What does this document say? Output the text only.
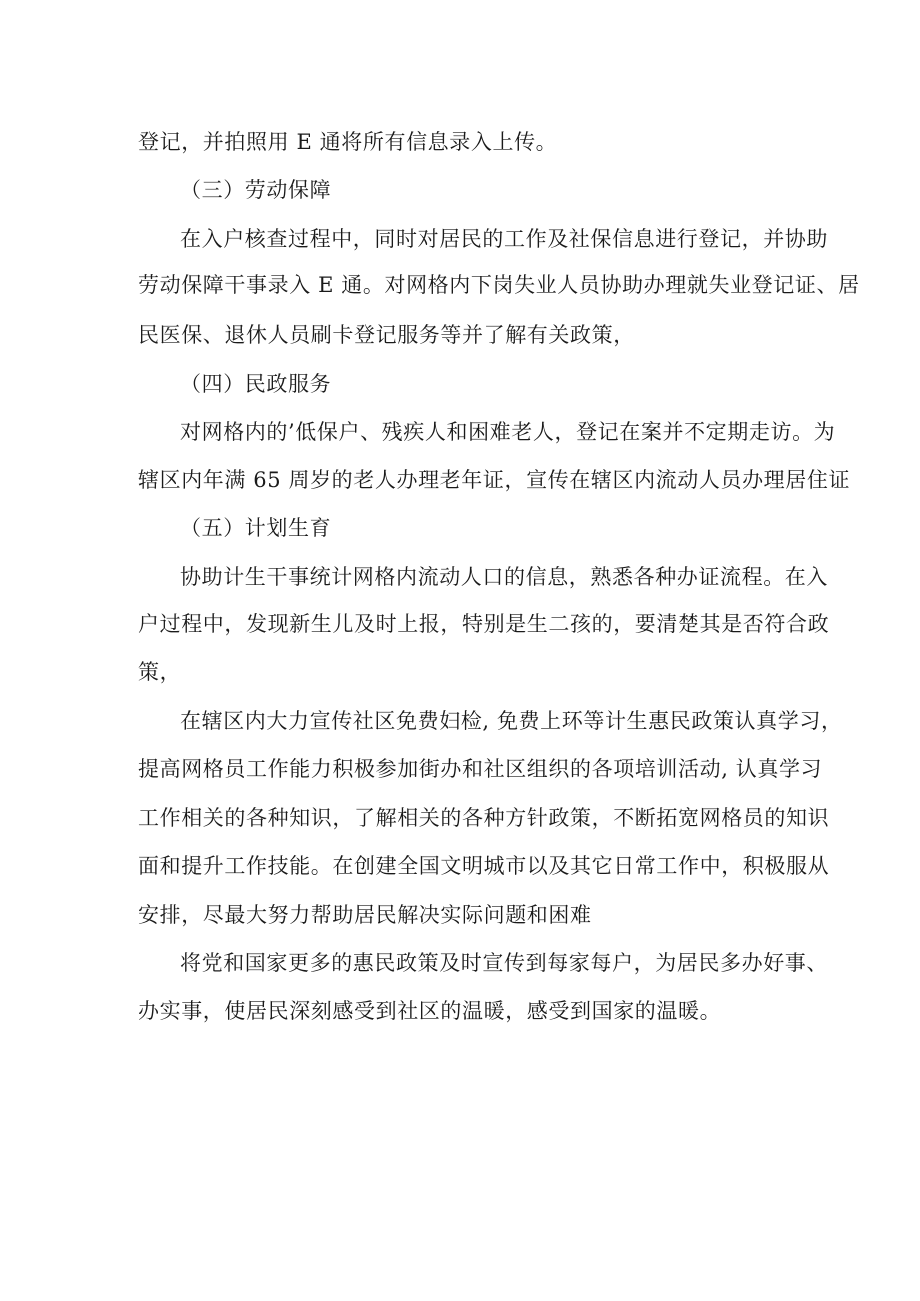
登记，并拍照用 E 通将所有信息录入上传。
（三）劳动保障
在入户核查过程中，同时对居民的工作及社保信息进行登记，并协助
劳动保障干事录入 E 通。对网格内下岗失业人员协助办理就失业登记证、居
民医保、退休人员刷卡登记服务等并了解有关政策，
（四）民政服务
对网格内的’低保户、残疾人和困难老人，登记在案并不定期走访。为
辖区内年满 65 周岁的老人办理老年证，宣传在辖区内流动人员办理居住证
（五）计划生育
协助计生干事统计网格内流动人口的信息，熟悉各种办证流程。在入
户过程中，发现新生儿及时上报，特别是生二孩的，要清楚其是否符合政
策，
在辖区内大力宣传社区免费妇检, 免费上环等计生惠民政策认真学习，
提高网格员工作能力积极参加街办和社区组织的各项培训活动, 认真学习
工作相关的各种知识，了解相关的各种方针政策，不断拓宽网格员的知识
面和提升工作技能。在创建全国文明城市以及其它日常工作中，积极服从
安排，尽最大努力帮助居民解决实际问题和困难
将党和国家更多的惠民政策及时宣传到每家每户，为居民多办好事、
办实事，使居民深刻感受到社区的温暖，感受到国家的温暖。
